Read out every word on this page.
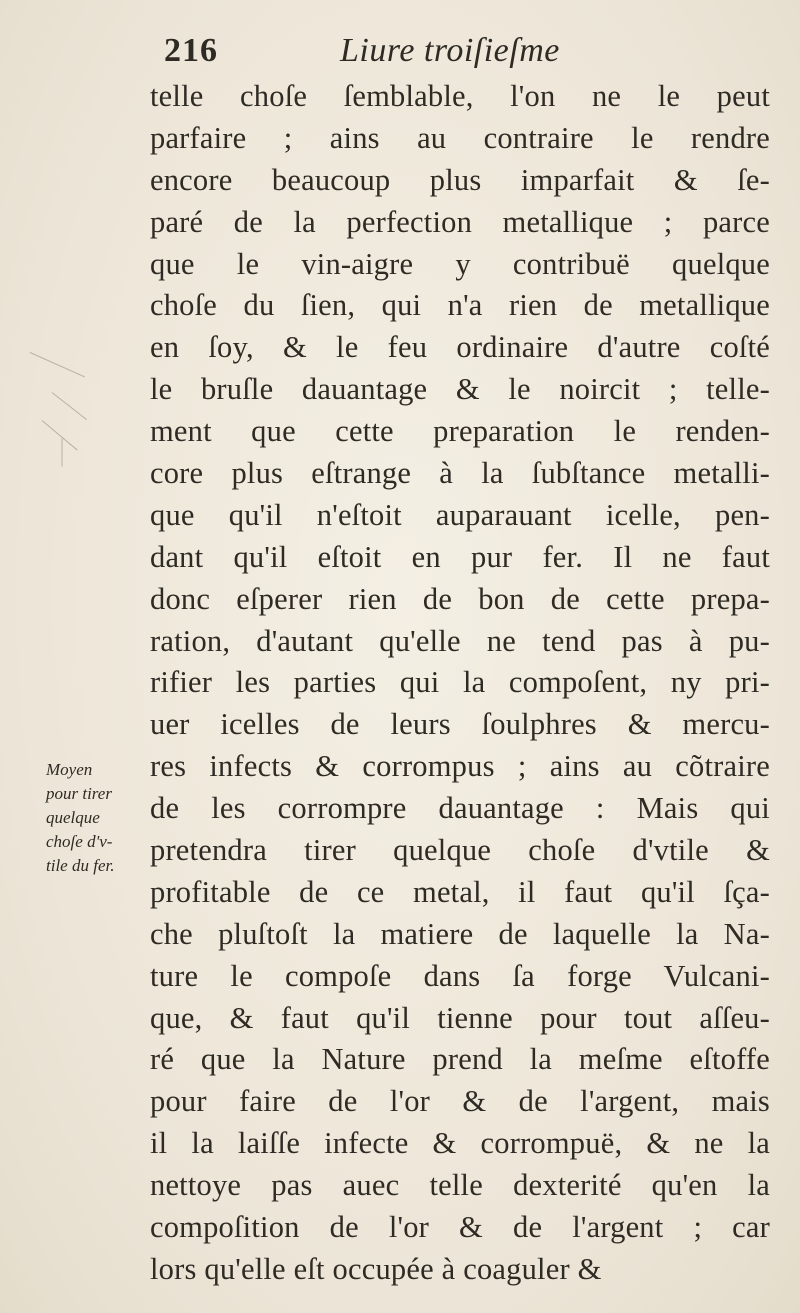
216	Liure troiſieſme
Moyen
pour tirer
quelque
choſe d'v-
tile du fer.
telle choſe ſemblable, l'on ne le peut
parfaire ; ains au contraire le rendre
encore beaucoup plus imparfait & ſe-
paré de la perfection metallique ; parce
que le vin-aigre y contribuë quelque
choſe du ſien, qui n'a rien de metallique
en ſoy, & le feu ordinaire d'autre coſté
le bruſle dauantage & le noircit ; telle-
ment que cette preparation le renden-
core plus eſtrange à la ſubſtance metalli-
que qu'il n'eſtoit auparauant icelle, pen-
dant qu'il eſtoit en pur fer. Il ne faut
donc eſperer rien de bon de cette prepa-
ration, d'autant qu'elle ne tend pas à pu-
rifier les parties qui la compoſent, ny pri-
uer icelles de leurs ſoulphres & mercu-
res infects & corrompus ; ains au cõtraire
de les corrompre dauantage : Mais qui
pretendra tirer quelque choſe d'vtile &
profitable de ce metal, il faut qu'il ſça-
che pluſtoſt la matiere de laquelle la Na-
ture le compoſe dans ſa forge Vulcani-
que, & faut qu'il tienne pour tout aſſeu-
ré que la Nature prend la meſme eſtoffe
pour faire de l'or & de l'argent, mais
il la laiſſe infecte & corrompuë, & ne la
nettoye pas auec telle dexterité qu'en la
compoſition de l'or & de l'argent ; car
lors qu'elle eſt occupée à coaguler &
